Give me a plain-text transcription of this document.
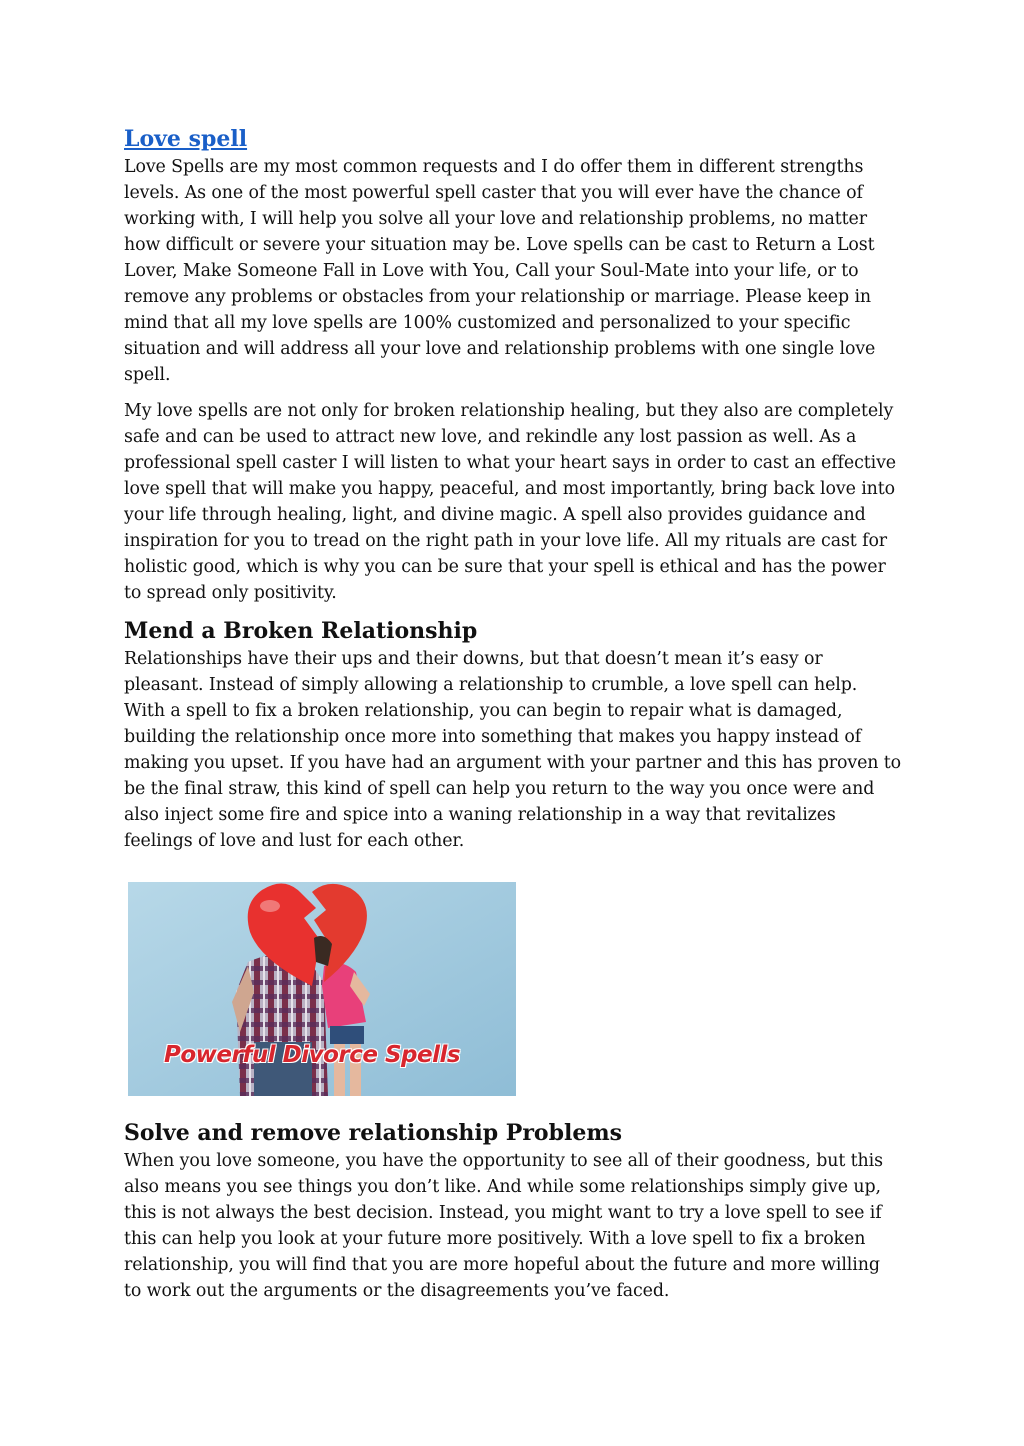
Love spell

Love Spells are my most common requests and I do offer them in different strengths levels. As one of the most powerful spell caster that you will ever have the chance of working with, I will help you solve all your love and relationship problems, no matter how difficult or severe your situation may be. Love spells can be cast to Return a Lost Lover, Make Someone Fall in Love with You, Call your Soul-Mate into your life, or to remove any problems or obstacles from your relationship or marriage. Please keep in mind that all my love spells are 100% customized and personalized to your specific situation and will address all your love and relationship problems with one single love spell.

My love spells are not only for broken relationship healing, but they also are completely safe and can be used to attract new love, and rekindle any lost passion as well. As a professional spell caster I will listen to what your heart says in order to cast an effective love spell that will make you happy, peaceful, and most importantly, bring back love into your life through healing, light, and divine magic. A spell also provides guidance and inspiration for you to tread on the right path in your love life. All my rituals are cast for holistic good, which is why you can be sure that your spell is ethical and has the power to spread only positivity.

Mend a Broken Relationship

Relationships have their ups and their downs, but that doesn’t mean it’s easy or pleasant. Instead of simply allowing a relationship to crumble, a love spell can help. With a spell to fix a broken relationship, you can begin to repair what is damaged, building the relationship once more into something that makes you happy instead of making you upset. If you have had an argument with your partner and this has proven to be the final straw, this kind of spell can help you return to the way you once were and also inject some fire and spice into a waning relationship in a way that revitalizes feelings of love and lust for each other.

Powerful Divorce Spells
Solve and remove relationship Problems

When you love someone, you have the opportunity to see all of their goodness, but this also means you see things you don’t like. And while some relationships simply give up, this is not always the best decision. Instead, you might want to try a love spell to see if this can help you look at your future more positively. With a love spell to fix a broken relationship, you will find that you are more hopeful about the future and more willing to work out the arguments or the disagreements you’ve faced.
